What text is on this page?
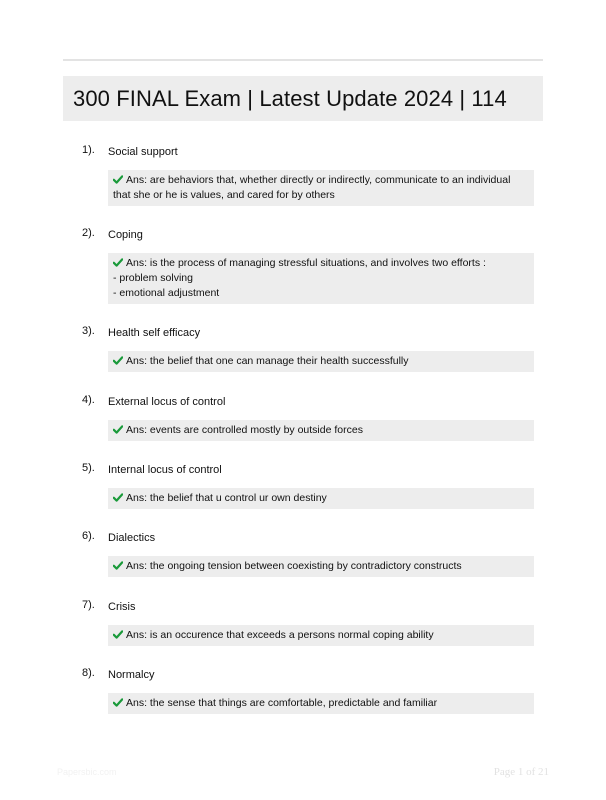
300 FINAL Exam | Latest Update 2024 | 114
1). Social support
Ans: are behaviors that, whether directly or indirectly, communicate to an individual
that she or he is values, and cared for by others
2). Coping
Ans: is the process of managing stressful situations, and involves two efforts :
- problem solving
- emotional adjustment
3). Health self efficacy
Ans: the belief that one can manage their health successfully
4). External locus of control
Ans: events are controlled mostly by outside forces
5). Internal locus of control
Ans: the belief that u control ur own destiny
6). Dialectics
Ans: the ongoing tension between coexisting by contradictory constructs
7). Crisis
Ans: is an occurence that exceeds a persons normal coping ability
8). Normalcy
Ans: the sense that things are comfortable, predictable and familiar
Papersbic.com	Page 1 of 21
